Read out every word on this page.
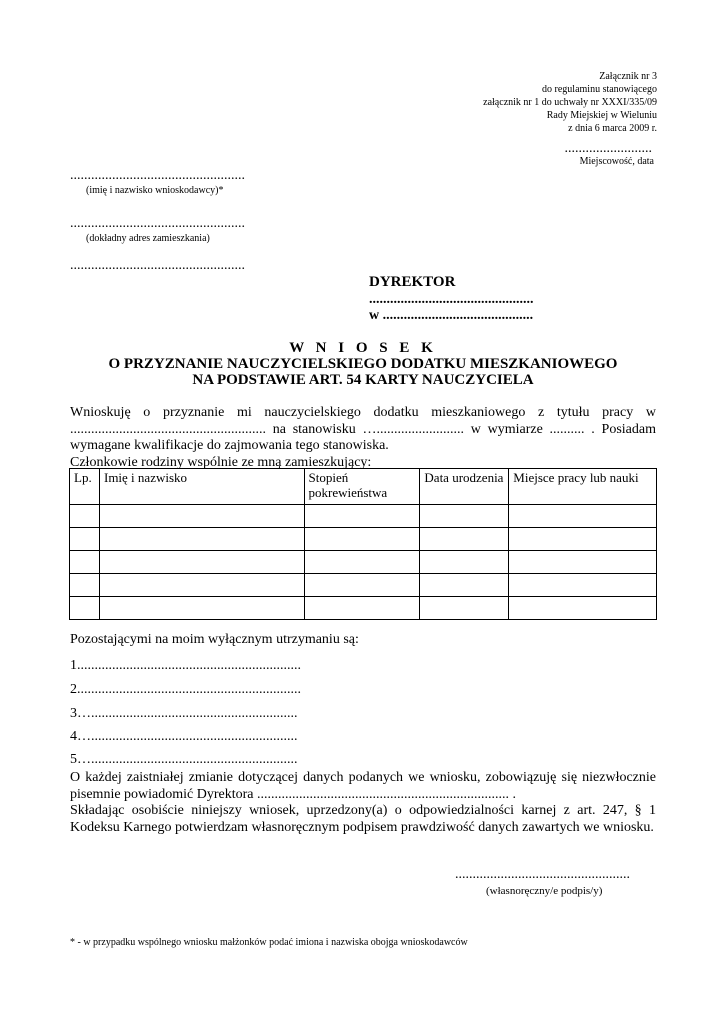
Załącznik nr 3
do regulaminu stanowiącego
załącznik nr 1 do uchwały nr XXXI/335/09
Rady Miejskiej w Wieluniu
z dnia 6 marca 2009 r.
.........................
Miejscowość, data
..................................................
(imię i nazwisko wnioskodawcy)*
..................................................
(dokładny adres zamieszkania)
..................................................
DYREKTOR
...............................................
w ...........................................
W N I O S E K
O PRZYZNANIE NAUCZYCIELSKIEGO DODATKU MIESZKANIOWEGO
NA PODSTAWIE ART. 54 KARTY NAUCZYCIELA
Wnioskuję o przyznanie mi nauczycielskiego dodatku mieszkaniowego z tytułu pracy w ........................................................ na stanowisku …......................... w wymiarze .......... . Posiadam wymagane kwalifikacje do zajmowania tego stanowiska.
Członkowie rodziny wspólnie ze mną zamieszkujący:
Lp.	Imię i nazwisko	Stopień pokrewieństwa	Data urodzenia	Miejsce pracy lub nauki

Pozostającymi na moim wyłącznym utrzymaniu są:
1................................................................
2................................................................
3…...........................................................
4…...........................................................
5…...........................................................
O każdej zaistniałej zmianie dotyczącej danych podanych we wniosku, zobowiązuję się niezwłocznie pisemnie powiadomić Dyrektora ........................................................................ .
Składając osobiście niniejszy wniosek, uprzedzony(a) o odpowiedzialności karnej z art. 247, § 1 Kodeksu Karnego potwierdzam własnoręcznym podpisem prawdziwość danych zawartych we wniosku.
..................................................
(własnoręczny/e podpis/y)
* - w przypadku wspólnego wniosku małżonków podać imiona i nazwiska obojga wnioskodawców
